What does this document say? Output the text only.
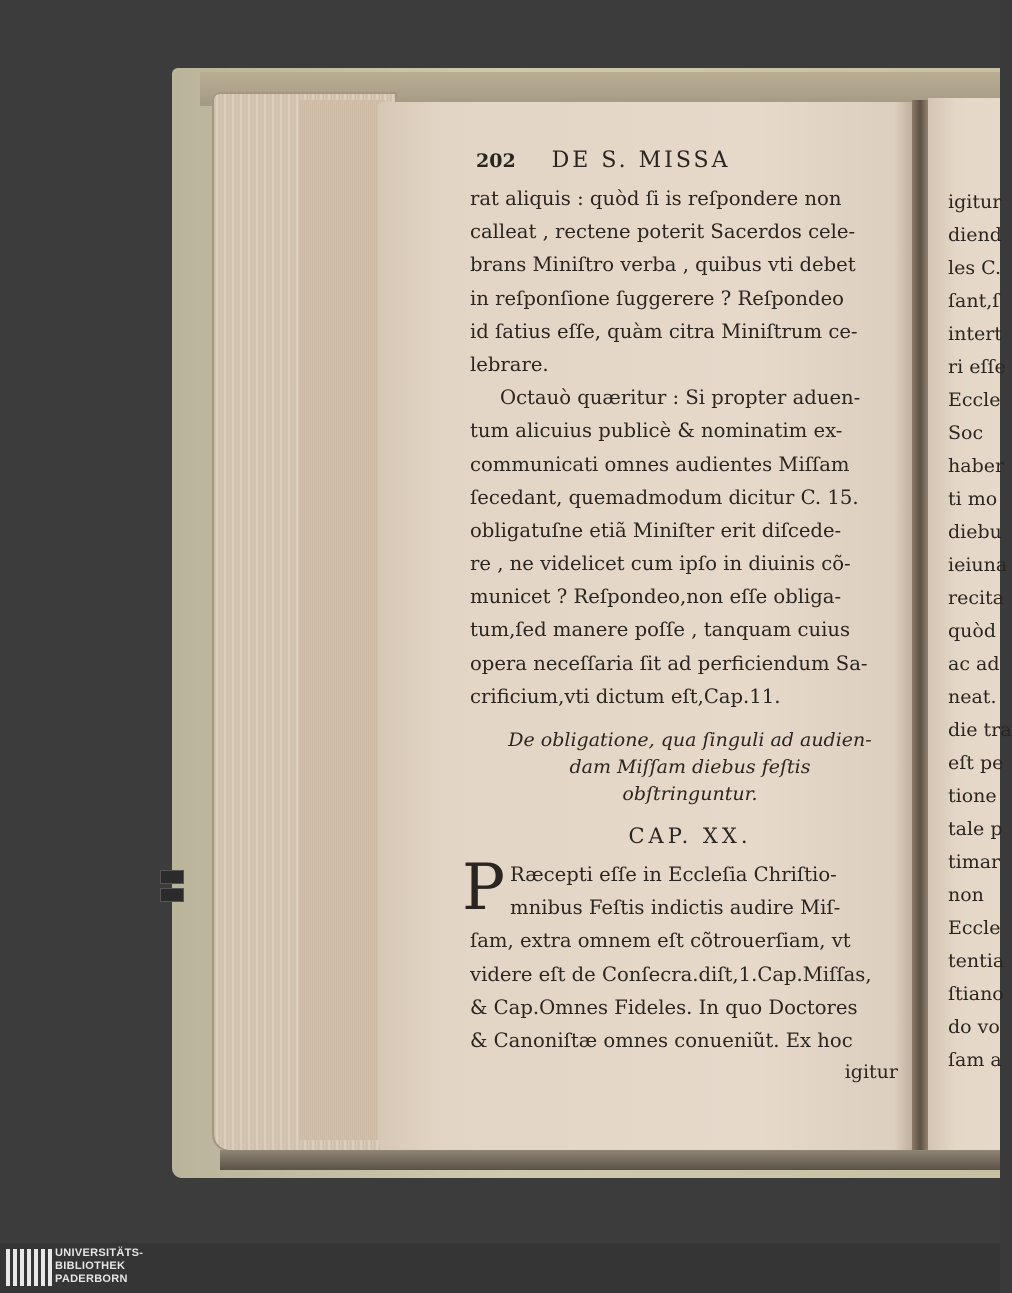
202 DE S. MISSA
rat aliquis : quòd ſi is reſpondere non
calleat , rectene poterit Sacerdos cele-
brans Miniſtro verba , quibus vti debet
in reſponſione ſuggerere ? Reſpondeo
id ſatius eſſe, quàm citra Miniſtrum ce-
lebrare.
Octauò quæritur : Si propter aduen-
tum alicuius publicè & nominatim ex-
communicati omnes audientes Miſſam
ſecedant, quemadmodum dicitur C. 15.
obligatuſne etiã Miniſter erit diſcede-
re , ne videlicet cum ipſo in diuinis cõ-
municet ? Reſpondeo,non eſſe obliga-
tum,ſed manere poſſe , tanquam cuius
opera neceſſaria ſit ad perficiendum Sa-
crificium,vti dictum eſt,Cap.11.
De obligatione, qua ſinguli ad audien-
dam Miſſam diebus feſtis
obſtringuntur.
CAP. XX.
P Ræcepti eſſe in Eccleſia Chriſtio-
mnibus Feſtis indictis audire Miſ-
ſam, extra omnem eſt cõtrouerſiam, vt
videre eſt de Conſecra.diſt,1.Cap.Miſſas,
& Cap.Omnes Fideles. In quo Doctores
& Canoniſtæ omnes conueniũt. Ex hoc
igitur
igitur
diend
les C.
ſant,ſ
intert
ri eſſe
Eccle
Soc
haber
ti mo
diebu
ieiuna
recita
quòd
ac ad
neat.
die tra
eſt pe
tione
tale p
timar
non
Eccle
tentia
ſtiano
do vo
ſam a
UNIVERSITÄTS-
BIBLIOTHEK
PADERBORN
